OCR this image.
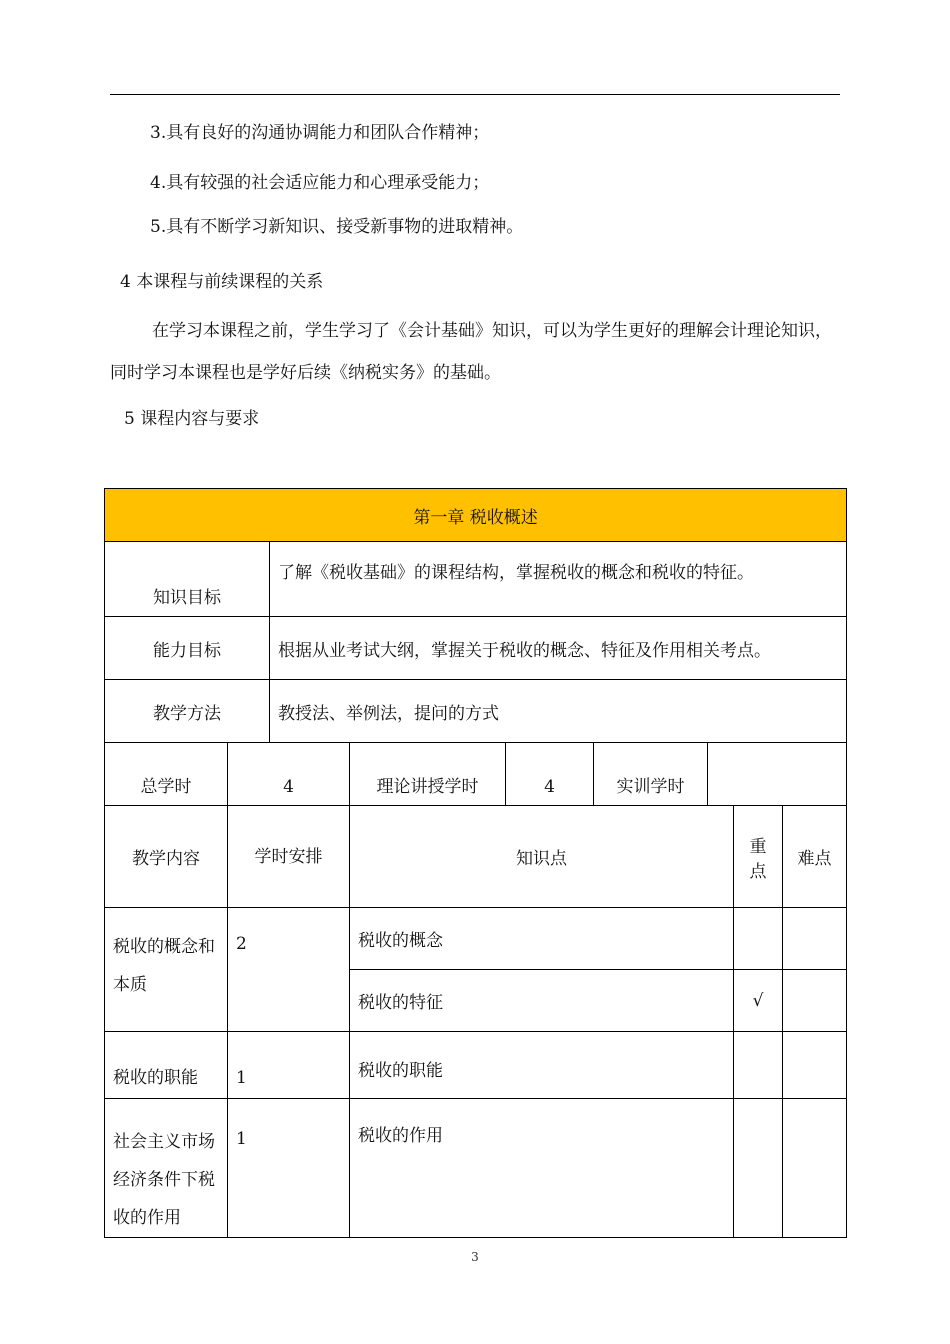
3.具有良好的沟通协调能力和团队合作精神；
4.具有较强的社会适应能力和心理承受能力；
5.具有不断学习新知识、接受新事物的进取精神。
4 本课程与前续课程的关系
在学习本课程之前，学生学习了《会计基础》知识，可以为学生更好的理解会计理论知识，同时学习本课程也是学好后续《纳税实务》的基础。
5 课程内容与要求
第一章 税收概述								
知识目标		了解《税收基础》的课程结构，掌握税收的概念和税收的特征。						
能力目标		根据从业考试大纲，掌握关于税收的概念、特征及作用相关考点。						
教学方法		教授法、举例法，提问的方式						
总学时	4		理论讲授学时	4	实训学时			
教学内容	学时安排		知识点				重点	难点
税收的概念和本质	2		税收的概念					
			税收的特征				√	
税收的职能	1		税收的职能					
社会主义市场经济条件下税收的作用	1		税收的作用					
3
